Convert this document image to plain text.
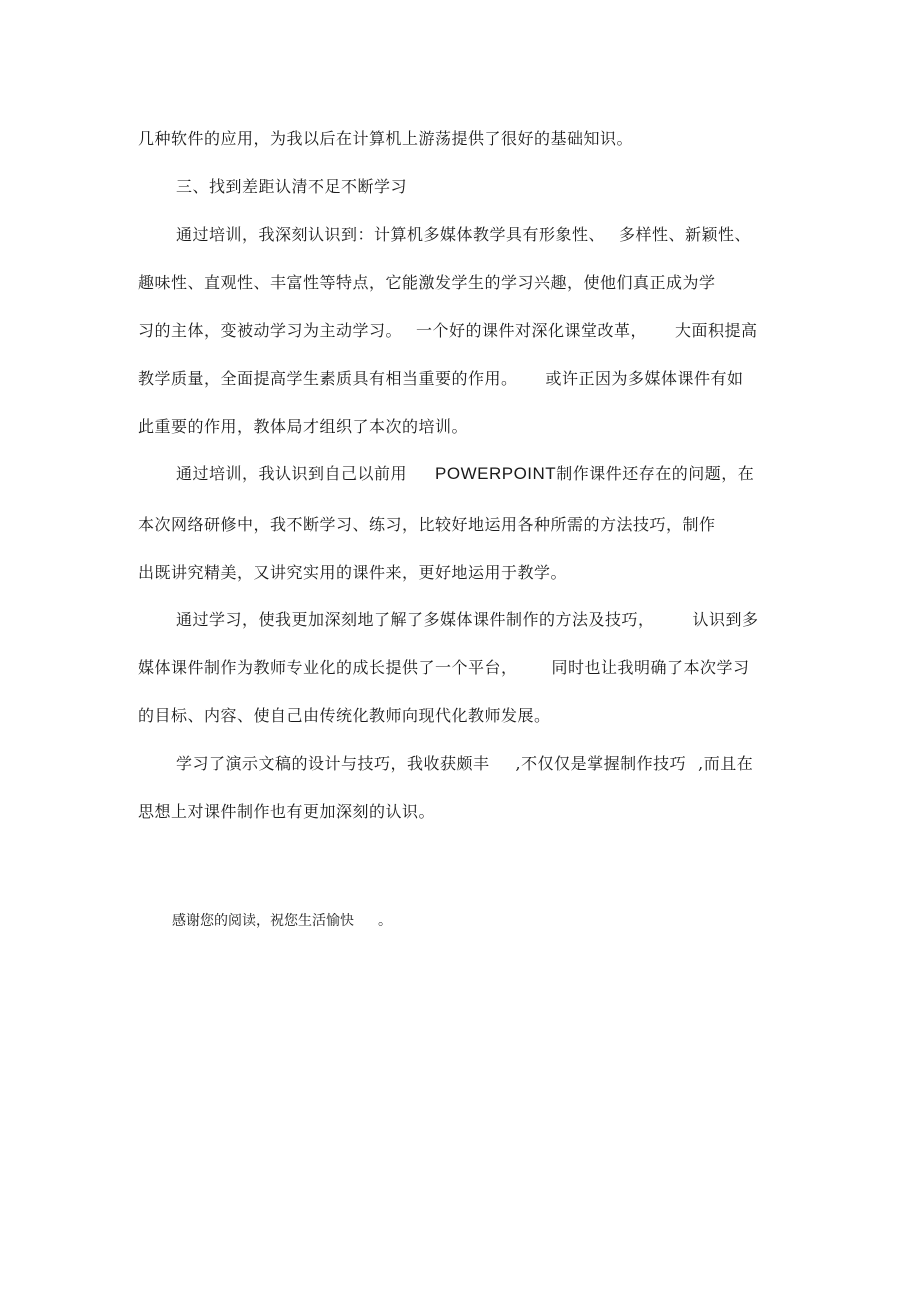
几种软件的应用，为我以后在计算机上游荡提供了很好的基础知识。
三、找到差距认清不足不断学习
通过培训，我深刻认识到：计算机多媒体教学具有形象性、 多样性、新颖性、
趣味性、直观性、丰富性等特点，它能激发学生的学习兴趣，使他们真正成为学
习的主体，变被动学习为主动学习。 一个好的课件对深化课堂改革， 大面积提高
教学质量，全面提高学生素质具有相当重要的作用。 或许正因为多媒体课件有如
此重要的作用，教体局才组织了本次的培训。
通过培训，我认识到自己以前用 POWERPOINT制作课件还存在的问题，在
本次网络研修中，我不断学习、练习，比较好地运用各种所需的方法技巧，制作
出既讲究精美，又讲究实用的课件来，更好地运用于教学。
通过学习，使我更加深刻地了解了多媒体课件制作的方法及技巧， 认识到多
媒体课件制作为教师专业化的成长提供了一个平台， 同时也让我明确了本次学习
的目标、内容、使自己由传统化教师向现代化教师发展。
学习了演示文稿的设计与技巧，我收获颇丰 ,不仅仅是掌握制作技巧 ,而且在
思想上对课件制作也有更加深刻的认识。
感谢您的阅读，祝您生活愉快 。
